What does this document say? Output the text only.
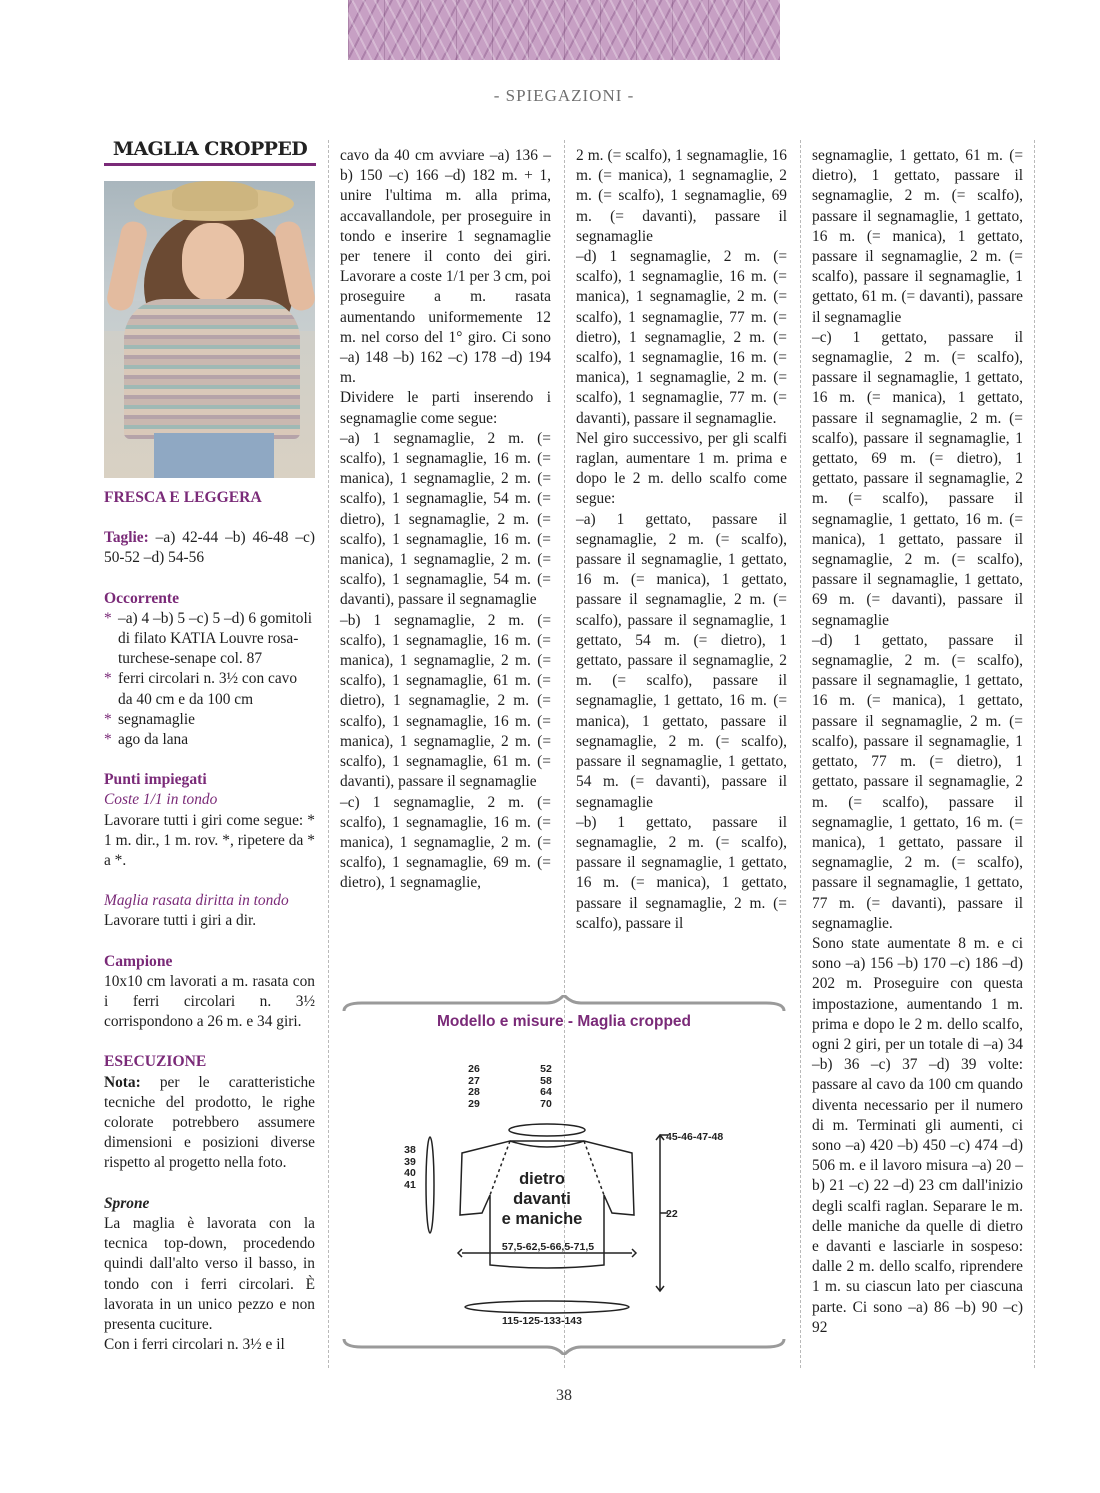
- SPIEGAZIONI -
MAGLIA CROPPED

FRESCA E LEGGERA

Taglie: –a) 42-44 –b) 46-48 –c) 50-52 –d) 54-56

Occorrente

* –a) 4 –b) 5 –c) 5 –d) 6 gomitoli di filato KATIA Louvre rosa-turchese-senape col. 87
* ferri circolari n. 3½ con cavo da 40 cm e da 100 cm
* segnamaglie
* ago da lana

Punti impiegati

Coste 1/1 in tondo

Lavorare tutti i giri come segue: * 1 m. dir., 1 m. rov. *, ripetere da * a *.

Maglia rasata diritta in tondo

Lavorare tutti i giri a dir.

Campione

10x10 cm lavorati a m. rasata con i ferri circolari n. 3½ corrispondono a 26 m. e 34 giri.

ESECUZIONE

Nota: per le caratteristiche tecniche del prodotto, le righe colorate potrebbero assumere dimensioni e posizioni diverse rispetto al progetto nella foto.

Sprone

La maglia è lavorata con la tecnica top-down, procedendo quindi dall'alto verso il basso, in tondo con i ferri circolari. È lavorata in un unico pezzo e non presenta cuciture.

Con i ferri circolari n. 3½ e il

cavo da 40 cm avviare –a) 136 –b) 150 –c) 166 –d) 182 m. + 1, unire l'ultima m. alla prima, accavallandole, per proseguire in tondo e inserire 1 segnamaglie per tenere il conto dei giri. Lavorare a coste 1/1 per 3 cm, poi proseguire a m. rasata aumentando uniformemente 12 m. nel corso del 1° giro. Ci sono –a) 148 –b) 162 –c) 178 –d) 194 m.

Dividere le parti inserendo i segnamaglie come segue:

–a) 1 segnamaglie, 2 m. (= scalfo), 1 segnamaglie, 16 m. (= manica), 1 segnamaglie, 2 m. (= scalfo), 1 segnamaglie, 54 m. (= dietro), 1 segnamaglie, 2 m. (= scalfo), 1 segnamaglie, 16 m. (= manica), 1 segnamaglie, 2 m. (= scalfo), 1 segnamaglie, 54 m. (= davanti), passare il segnamaglie

–b) 1 segnamaglie, 2 m. (= scalfo), 1 segnamaglie, 16 m. (= manica), 1 segnamaglie, 2 m. (= scalfo), 1 segnamaglie, 61 m. (= dietro), 1 segnamaglie, 2 m. (= scalfo), 1 segnamaglie, 16 m. (= manica), 1 segnamaglie, 2 m. (= scalfo), 1 segnamaglie, 61 m. (= davanti), passare il segnamaglie

–c) 1 segnamaglie, 2 m. (= scalfo), 1 segnamaglie, 16 m. (= manica), 1 segnamaglie, 2 m. (= scalfo), 1 segnamaglie, 69 m. (= dietro), 1 segnamaglie,

2 m. (= scalfo), 1 segnamaglie, 16 m. (= manica), 1 segnamaglie, 2 m. (= scalfo), 1 segnamaglie, 69 m. (= davanti), passare il segnamaglie

–d) 1 segnamaglie, 2 m. (= scalfo), 1 segnamaglie, 16 m. (= manica), 1 segnamaglie, 2 m. (= scalfo), 1 segnamaglie, 77 m. (= dietro), 1 segnamaglie, 2 m. (= scalfo), 1 segnamaglie, 16 m. (= manica), 1 segnamaglie, 2 m. (= scalfo), 1 segnamaglie, 77 m. (= davanti), passare il segnamaglie.

Nel giro successivo, per gli scalfi raglan, aumentare 1 m. prima e dopo le 2 m. dello scalfo come segue:

–a) 1 gettato, passare il segnamaglie, 2 m. (= scalfo), passare il segnamaglie, 1 gettato, 16 m. (= manica), 1 gettato, passare il segnamaglie, 2 m. (= scalfo), passare il segnamaglie, 1 gettato, 54 m. (= dietro), 1 gettato, passare il segnamaglie, 2 m. (= scalfo), passare il segnamaglie, 1 gettato, 16 m. (= manica), 1 gettato, passare il segnamaglie, 2 m. (= scalfo), passare il segnamaglie, 1 gettato, 54 m. (= davanti), passare il segnamaglie

–b) 1 gettato, passare il segnamaglie, 2 m. (= scalfo), passare il segnamaglie, 1 gettato, 16 m. (= manica), 1 gettato, passare il segnamaglie, 2 m. (= scalfo), passare il

segnamaglie, 1 gettato, 61 m. (= dietro), 1 gettato, passare il segnamaglie, 2 m. (= scalfo), passare il segnamaglie, 1 gettato, 16 m. (= manica), 1 gettato, passare il segnamaglie, 2 m. (= scalfo), passare il segnamaglie, 1 gettato, 61 m. (= davanti), passare il segnamaglie

–c) 1 gettato, passare il segnamaglie, 2 m. (= scalfo), passare il segnamaglie, 1 gettato, 16 m. (= manica), 1 gettato, passare il segnamaglie, 2 m. (= scalfo), passare il segnamaglie, 1 gettato, 69 m. (= dietro), 1 gettato, passare il segnamaglie, 2 m. (= scalfo), passare il segnamaglie, 1 gettato, 16 m. (= manica), 1 gettato, passare il segnamaglie, 2 m. (= scalfo), passare il segnamaglie, 1 gettato, 69 m. (= davanti), passare il segnamaglie

–d) 1 gettato, passare il segnamaglie, 2 m. (= scalfo), passare il segnamaglie, 1 gettato, 16 m. (= manica), 1 gettato, passare il segnamaglie, 2 m. (= scalfo), passare il segnamaglie, 1 gettato, 77 m. (= dietro), 1 gettato, passare il segnamaglie, 2 m. (= scalfo), passare il segnamaglie, 1 gettato, 16 m. (= manica), 1 gettato, passare il segnamaglie, 2 m. (= scalfo), passare il segnamaglie, 1 gettato, 77 m. (= davanti), passare il segnamaglie.

Sono state aumentate 8 m. e ci sono –a) 156 –b) 170 –c) 186 –d) 202 m. Proseguire con questa impostazione, aumentando 1 m. prima e dopo le 2 m. dello scalfo, ogni 2 giri, per un totale di –a) 34 –b) 36 –c) 37 –d) 39 volte: passare al cavo da 100 cm quando diventa necessario per il numero di m. Terminati gli aumenti, ci sono –a) 420 –b) 450 –c) 474 –d) 506 m. e il lavoro misura –a) 20 –b) 21 –c) 22 –d) 23 cm dall'inizio degli scalfi raglan. Separare le m. delle maniche da quelle di dietro e davanti e lasciarle in sospeso: dalle 2 m. dello scalfo, riprendere 1 m. su ciascun lato per ciascuna parte. Ci sono –a) 86 –b) 90 –c) 92

Modello e misure - Maglia cropped
26
27
28
29
52
58
64
70
45-46-47-48
38
39
40
41
22
dietro
davanti
e maniche
57,5-62,5-66,5-71,5
115-125-133-143
38
